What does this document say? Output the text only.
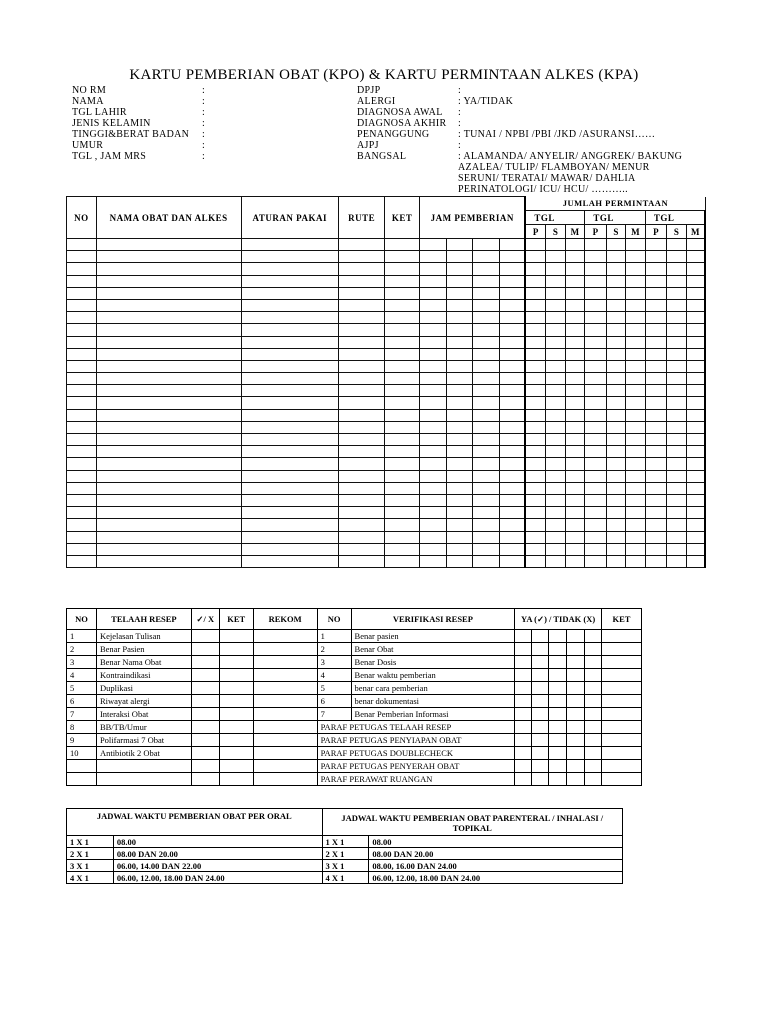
KARTU PEMBERIAN OBAT (KPO) & KARTU PERMINTAAN ALKES (KPA)
NO RM	:
NAMA	:
TGL LAHIR	:
JENIS KELAMIN	:
TINGGI&BERAT BADAN	:
UMUR	:
TGL , JAM MRS	:
DPJP	:
ALERGI	: YA/TIDAK
DIAGNOSA AWAL	:
DIAGNOSA AKHIR	:
PENANGGUNG	: TUNAI / NPBI /PBI /JKD /ASURANSI……
AJPJ	:
BANGSAL	: ALAMANDA/ ANYELIR/ ANGGREK/ BAKUNG
AZALEA/ TULIP/ FLAMBOYAN/ MENUR
SERUNI/ TERATAI/ MAWAR/ DAHLIA
PERINATOLOGI/ ICU/ HCU/ ………..
NO	NAMA OBAT DAN ALKES	ATURAN PAKAI	RUTE	KET	JAM PEMBERIAN				JUMLAH PERMINTAAN								
									TGL			TGL			TGL		
									P	S	M	P	S	M	P	S	M

NO	TELAAH RESEP	✓/ X	KET	REKOM	NO	VERIFIKASI RESEP	YA (✓) / TIDAK (X)					KET
1	Kejelasan Tulisan				1	Benar pasien						
2	Benar Pasien				2	Benar Obat						
3	Benar Nama Obat				3	Benar Dosis						
4	Kontraindikasi				4	Benar waktu pemberian						
5	Duplikasi				5	benar cara pemberian						
6	Riwayat alergi				6	benar dokumentasi						
7	Interaksi Obat				7	Benar Pemberian Informasi						
8	BB/TB/Umur				PARAF PETUGAS TELAAH RESEP							
9	Polifarmasi 7 Obat				PARAF PETUGAS PENYIAPAN OBAT							
10	Antibiotik 2 Obat				PARAF PETUGAS DOUBLECHECK							
					PARAF PETUGAS PENYERAH OBAT							
					PARAF PERAWAT RUANGAN							
JADWAL WAKTU PEMBERIAN OBAT PER ORAL		JADWAL WAKTU PEMBERIAN OBAT PARENTERAL / INHALASI / TOPIKAL	
1 X 1	08.00	1 X 1	08.00
2 X 1	08.00 DAN 20.00	2 X 1	08.00 DAN 20.00
3 X 1	06.00, 14.00 DAN 22.00	3 X 1	08.00, 16.00 DAN 24.00
4 X 1	06.00, 12.00, 18.00 DAN 24.00	4 X 1	06.00, 12.00, 18.00 DAN 24.00
